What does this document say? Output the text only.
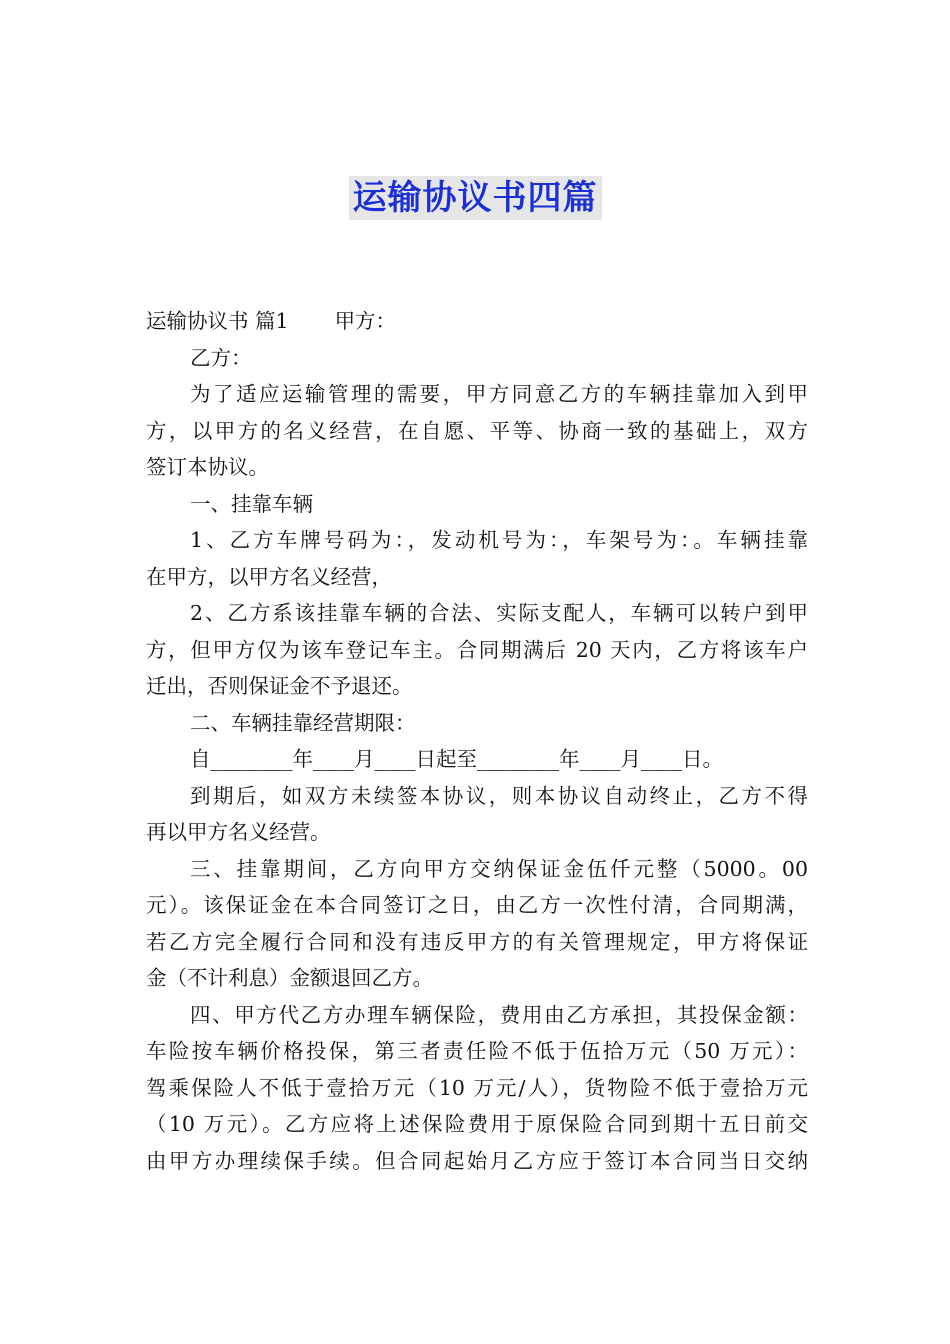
运输协议书四篇
运输协议书 篇1 甲方：
乙方：
为了适应运输管理的需要，甲方同意乙方的车辆挂靠加入到甲
方，以甲方的名义经营，在自愿、平等、协商一致的基础上，双方
签订本协议。
一、挂靠车辆
1、乙方车牌号码为：，发动机号为：，车架号为：。车辆挂靠
在甲方，以甲方名义经营，
2、乙方系该挂靠车辆的合法、实际支配人，车辆可以转户到甲
方，但甲方仅为该车登记车主。合同期满后 20 天内，乙方将该车户
迁出，否则保证金不予退还。
二、车辆挂靠经营期限：
自________年____月____日起至________年____月____日。
到期后，如双方未续签本协议，则本协议自动终止，乙方不得
再以甲方名义经营。
三、挂靠期间，乙方向甲方交纳保证金伍仟元整（5000。00
元）。该保证金在本合同签订之日，由乙方一次性付清，合同期满，
若乙方完全履行合同和没有违反甲方的有关管理规定，甲方将保证
金（不计利息）金额退回乙方。
四、甲方代乙方办理车辆保险，费用由乙方承担，其投保金额：
车险按车辆价格投保，第三者责任险不低于伍拾万元（50 万元）：
驾乘保险人不低于壹拾万元（10 万元/人），货物险不低于壹拾万元
（10 万元）。乙方应将上述保险费用于原保险合同到期十五日前交
由甲方办理续保手续。但合同起始月乙方应于签订本合同当日交纳
